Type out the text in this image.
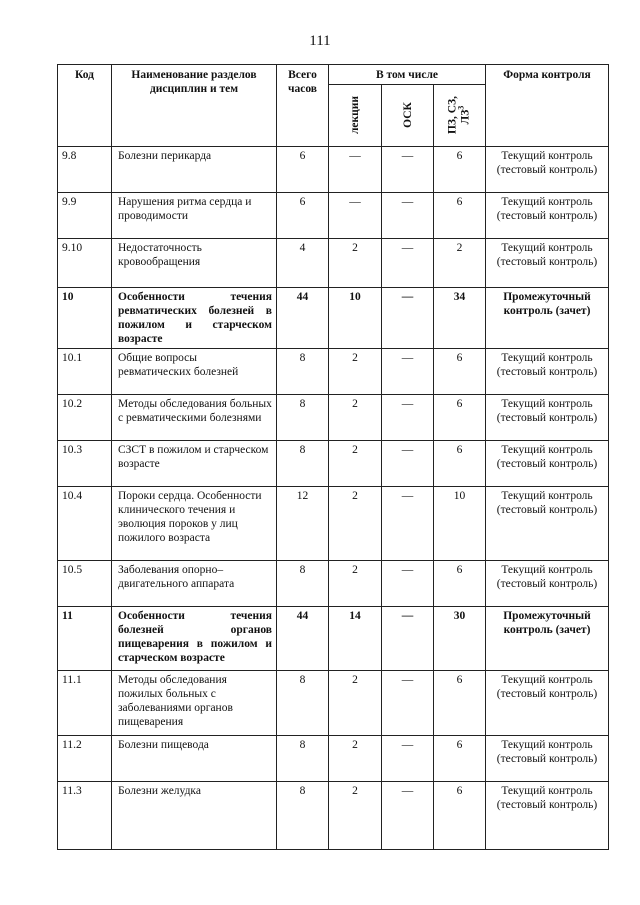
111
Код	Наименование разделов дисциплин и тем	Всего часов	В том числе			Форма контроля

			лекции	ОСК	ПЗ, СЗ, $ЛЗ^3$

9.8	Болезни перикарда	6	—	—	6	Текущий контроль (тестовый контроль)
9.9	Нарушения ритма сердца и проводимости	6	—	—	6	Текущий контроль (тестовый контроль)
9.10	Недостаточность кровообращения	4	2	—	2	Текущий контроль (тестовый контроль)
10	Особенности течения ревматических болезней в пожилом и старческом возрасте	44	10	—	34	Промежуточный контроль (зачет)
10.1	Общие вопросы ревматических болезней	8	2	—	6	Текущий контроль (тестовый контроль)
10.2	Методы обследования больных с ревматическими болезнями	8	2	—	6	Текущий контроль (тестовый контроль)
10.3	СЗСТ в пожилом и старческом возрасте	8	2	—	6	Текущий контроль (тестовый контроль)
10.4	Пороки сердца. Особенности клинического течения и эволюция пороков у лиц пожилого возраста	12	2	—	10	Текущий контроль (тестовый контроль)
10.5	Заболевания опорно–двигательного аппарата	8	2	—	6	Текущий контроль (тестовый контроль)
11	Особенности течения болезней органов пищеварения в пожилом и старческом возрасте	44	14	—	30	Промежуточный контроль (зачет)
11.1	Методы обследования пожилых больных с заболеваниями органов пищеварения	8	2	—	6	Текущий контроль (тестовый контроль)
11.2	Болезни пищевода	8	2	—	6	Текущий контроль (тестовый контроль)
11.3	Болезни желудка	8	2	—	6	Текущий контроль (тестовый контроль)
